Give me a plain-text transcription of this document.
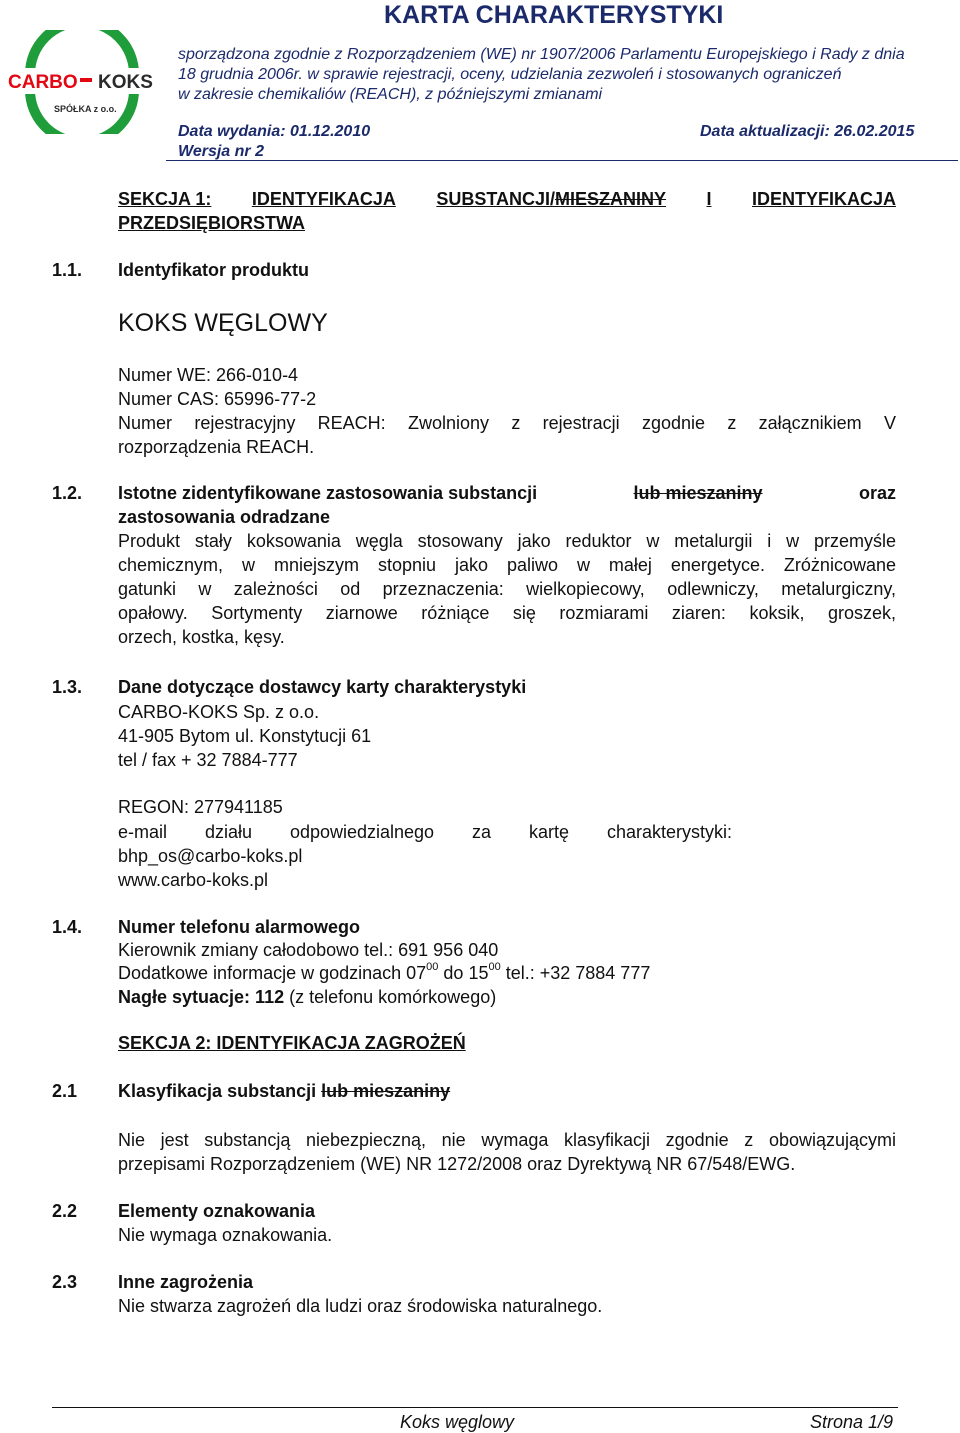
CARBO KOKS
SPÓŁKA z o.o.
KARTA CHARAKTERYSTYKI
sporządzona zgodnie z Rozporządzeniem (WE) nr 1907/2006 Parlamentu Europejskiego i Rady z dnia
18 grudnia 2006r. w sprawie rejestracji, oceny, udzielania zezwoleń i stosowanych ograniczeń
w zakresie chemikaliów (REACH), z późniejszymi zmianami
Data wydania: 01.12.2010	Data aktualizacji: 26.02.2015
Wersja nr 2
SEKCJA 1: IDENTYFIKACJA SUBSTANCJI/MIESZANINY I IDENTYFIKACJA
PRZEDSIĘBIORSTWA
1.1. Identyfikator produktu
KOKS WĘGLOWY
Numer WE: 266-010-4
Numer CAS: 65996-77-2
Numer rejestracyjny REACH: Zwolniony z rejestracji zgodnie z załącznikiem V
rozporządzenia REACH.
1.2. Istotne zidentyfikowane zastosowania substancji	lub mieszaniny	oraz
zastosowania odradzane
Produkt stały koksowania węgla stosowany jako reduktor w metalurgii i w przemyśle
chemicznym, w mniejszym stopniu jako paliwo w małej energetyce. Zróżnicowane
gatunki w zależności od przeznaczenia: wielkopiecowy, odlewniczy, metalurgiczny,
opałowy. Sortymenty ziarnowe różniące się rozmiarami ziaren: koksik, groszek,
orzech, kostka, kęsy.
1.3. Dane dotyczące dostawcy karty charakterystyki
CARBO-KOKS Sp. z o.o.
41-905 Bytom ul. Konstytucji 61
tel / fax + 32 7884-777
REGON: 277941185
e-mail działu odpowiedzialnego za kartę charakterystyki:
bhp_os@carbo-koks.pl
www.carbo-koks.pl
1.4. Numer telefonu alarmowego
Kierownik zmiany całodobowo tel.: 691 956 040
Dodatkowe informacje w godzinach $07^{00}$ do $15^{00}$ tel.: +32 7884 777
Nagłe sytuacje: 112 (z telefonu komórkowego)
SEKCJA 2: IDENTYFIKACJA ZAGROŻEŃ
2.1 Klasyfikacja substancji lub mieszaniny
Nie jest substancją niebezpieczną, nie wymaga klasyfikacji zgodnie z obowiązującymi
przepisami Rozporządzeniem (WE) NR 1272/2008 oraz Dyrektywą NR 67/548/EWG.
2.2 Elementy oznakowania
Nie wymaga oznakowania.
2.3 Inne zagrożenia
Nie stwarza zagrożeń dla ludzi oraz środowiska naturalnego.
Koks węglowy	Strona 1/9
